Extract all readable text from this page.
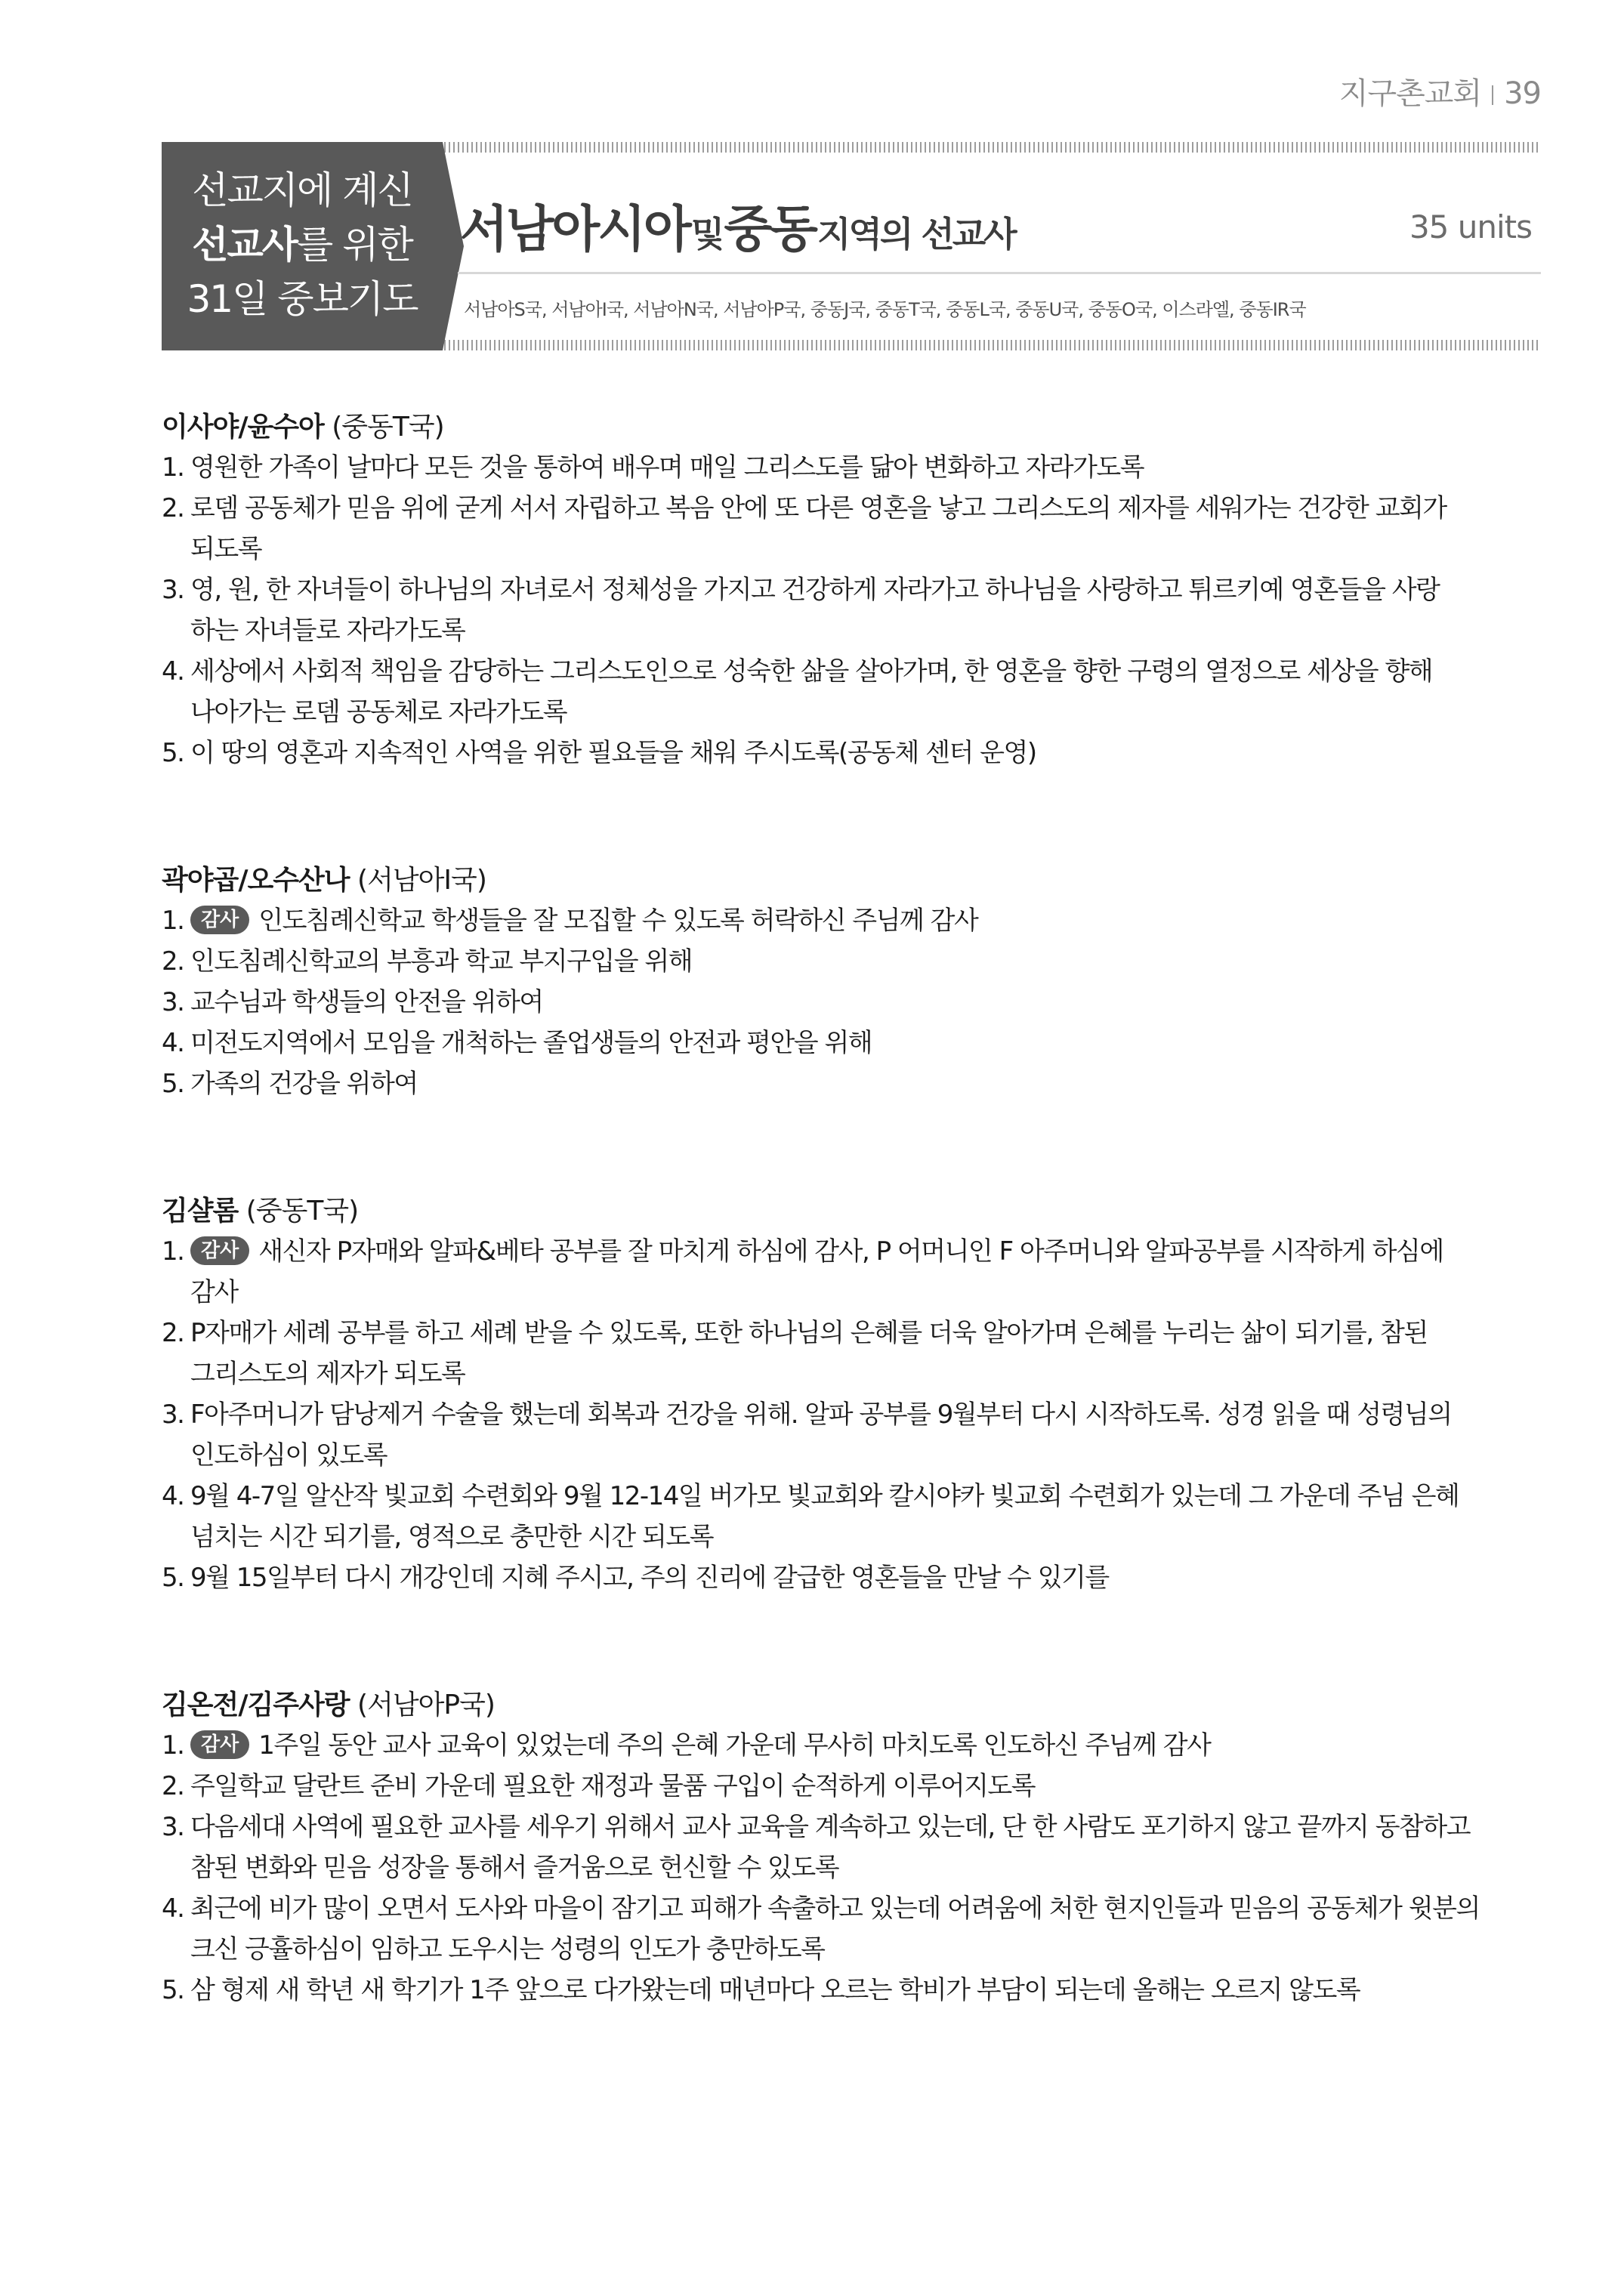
지구촌교회 39
선교지에 계신
선교사를 위한
31일 중보기도
서남아시아 및 중동 지역의 선교사	35 units
서남아S국, 서남아I국, 서남아N국, 서남아P국, 중동J국, 중동T국, 중동L국, 중동U국, 중동O국, 이스라엘, 중동IR국
이사야/윤수아 (중동T국)
1. 영원한 가족이 날마다 모든 것을 통하여 배우며 매일 그리스도를 닮아 변화하고 자라가도록
2. 로뎀 공동체가 믿음 위에 굳게 서서 자립하고 복음 안에 또 다른 영혼을 낳고 그리스도의 제자를 세워가는 건강한 교회가
되도록
3. 영, 원, 한 자녀들이 하나님의 자녀로서 정체성을 가지고 건강하게 자라가고 하나님을 사랑하고 튀르키예 영혼들을 사랑
하는 자녀들로 자라가도록
4. 세상에서 사회적 책임을 감당하는 그리스도인으로 성숙한 삶을 살아가며, 한 영혼을 향한 구령의 열정으로 세상을 향해
나아가는 로뎀 공동체로 자라가도록
5. 이 땅의 영혼과 지속적인 사역을 위한 필요들을 채워 주시도록(공동체 센터 운영)
곽야곱/오수산나 (서남아I국)
1. 감사 인도침례신학교 학생들을 잘 모집할 수 있도록 허락하신 주님께 감사
2. 인도침례신학교의 부흥과 학교 부지구입을 위해
3. 교수님과 학생들의 안전을 위하여
4. 미전도지역에서 모임을 개척하는 졸업생들의 안전과 평안을 위해
5. 가족의 건강을 위하여
김샬롬 (중동T국)
1. 감사 새신자 P자매와 알파&베타 공부를 잘 마치게 하심에 감사, P 어머니인 F 아주머니와 알파공부를 시작하게 하심에
감사
2. P자매가 세례 공부를 하고 세례 받을 수 있도록, 또한 하나님의 은혜를 더욱 알아가며 은혜를 누리는 삶이 되기를, 참된
그리스도의 제자가 되도록
3. F아주머니가 담낭제거 수술을 했는데 회복과 건강을 위해. 알파 공부를 9월부터 다시 시작하도록. 성경 읽을 때 성령님의
인도하심이 있도록
4. 9월 4-7일 알산작 빛교회 수련회와 9월 12-14일 버가모 빛교회와 칼시야카 빛교회 수련회가 있는데 그 가운데 주님 은혜
넘치는 시간 되기를, 영적으로 충만한 시간 되도록
5. 9월 15일부터 다시 개강인데 지혜 주시고, 주의 진리에 갈급한 영혼들을 만날 수 있기를
김온전/김주사랑 (서남아P국)
1. 감사 1주일 동안 교사 교육이 있었는데 주의 은혜 가운데 무사히 마치도록 인도하신 주님께 감사
2. 주일학교 달란트 준비 가운데 필요한 재정과 물품 구입이 순적하게 이루어지도록
3. 다음세대 사역에 필요한 교사를 세우기 위해서 교사 교육을 계속하고 있는데, 단 한 사람도 포기하지 않고 끝까지 동참하고
참된 변화와 믿음 성장을 통해서 즐거움으로 헌신할 수 있도록
4. 최근에 비가 많이 오면서 도사와 마을이 잠기고 피해가 속출하고 있는데 어려움에 처한 현지인들과 믿음의 공동체가 윗분의
크신 긍휼하심이 임하고 도우시는 성령의 인도가 충만하도록
5. 삼 형제 새 학년 새 학기가 1주 앞으로 다가왔는데 매년마다 오르는 학비가 부담이 되는데 올해는 오르지 않도록
